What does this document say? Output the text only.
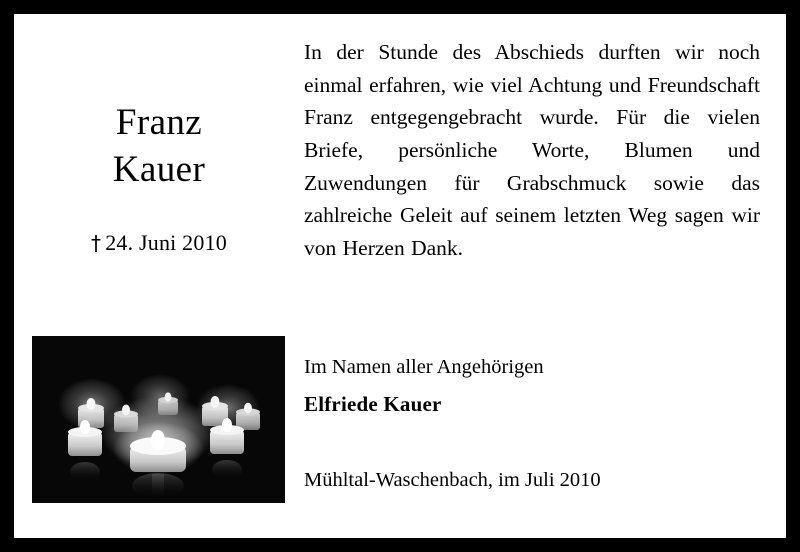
Franz
Kauer
† 24. Juni 2010

In der Stunde des Abschieds durften wir noch einmal erfahren, wie viel Achtung und Freundschaft Franz entgegengebracht wurde. Für die vielen Briefe, persönliche Worte, Blumen und Zuwendungen für Grabschmuck sowie das zahlreiche Geleit auf seinem letzten Weg sagen wir von Herzen Dank.

Im Namen aller Angehörigen

Elfriede Kauer

Mühltal-Waschenbach, im Juli 2010
